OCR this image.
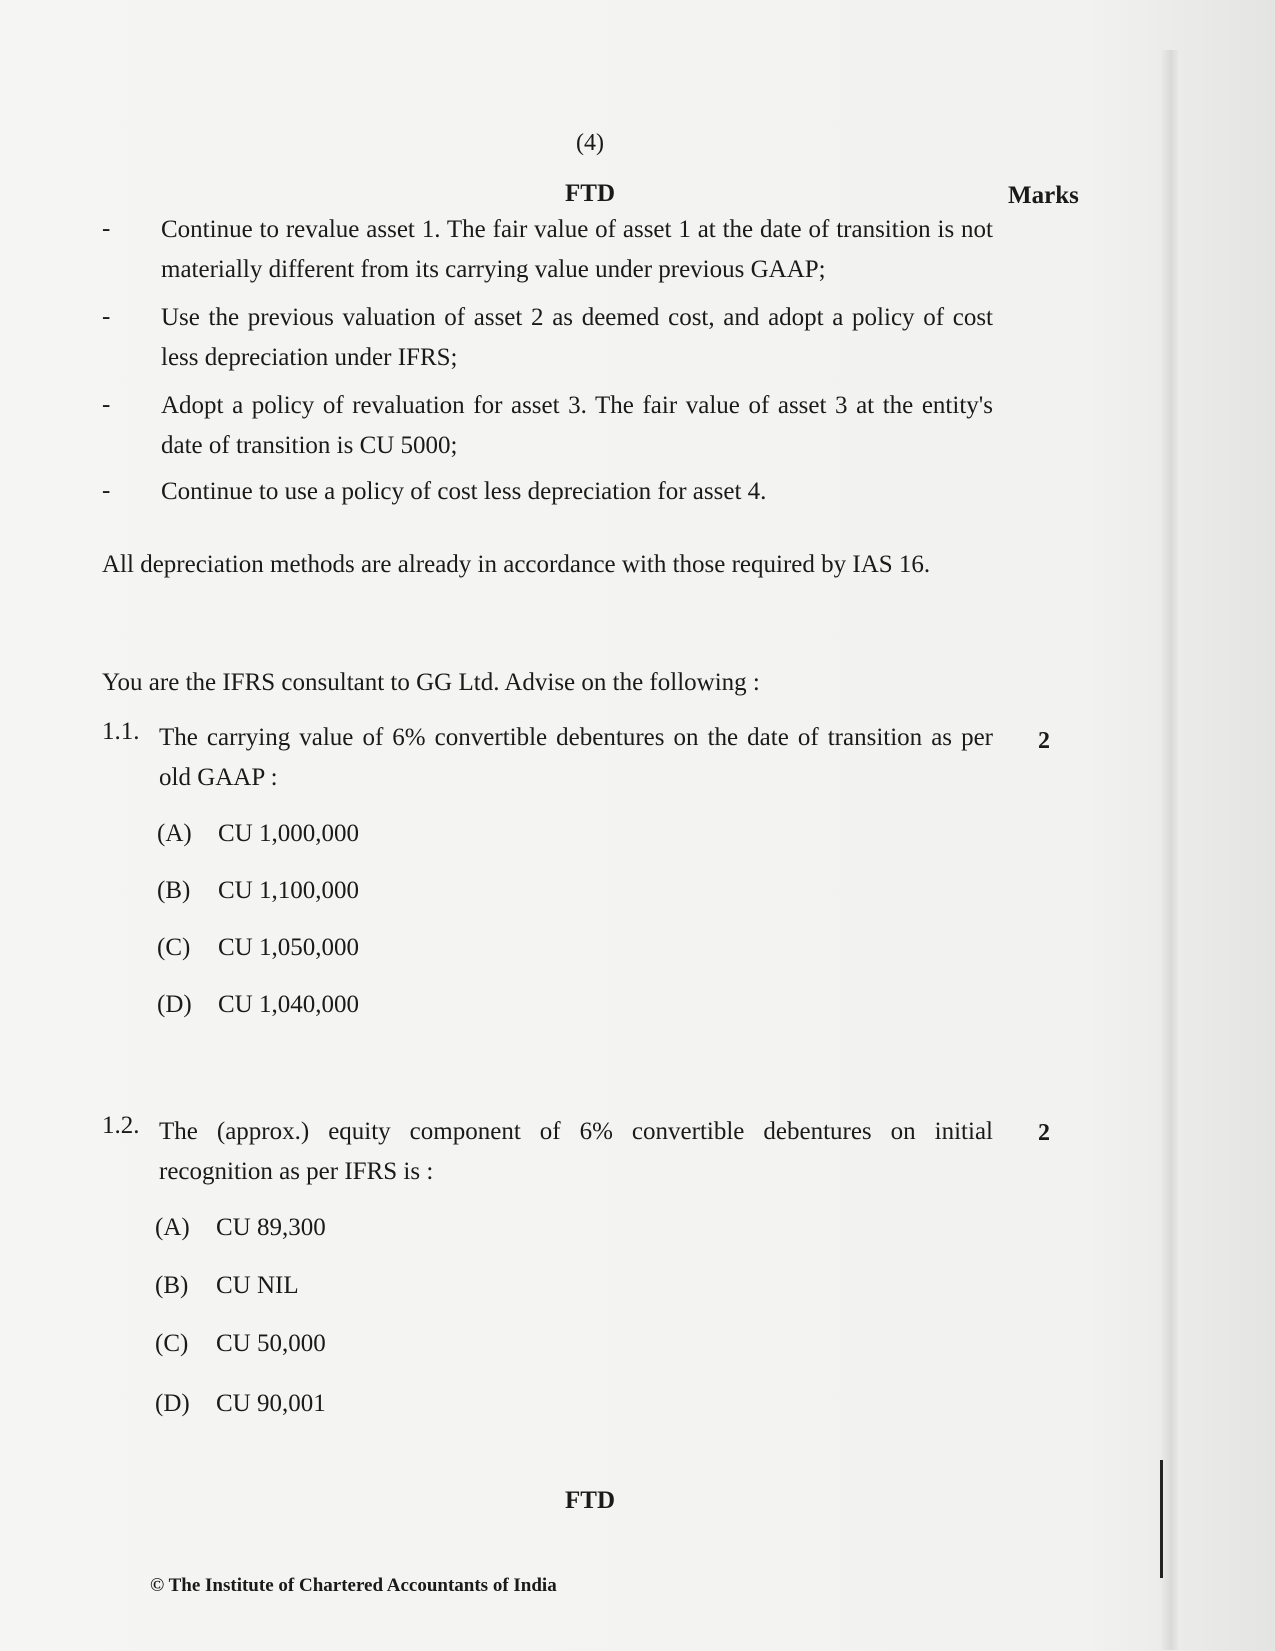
(4)
FTD	Marks
- Continue to revalue asset 1. The fair value of asset 1 at the date of transition is not materially different from its carrying value under previous GAAP;
- Use the previous valuation of asset 2 as deemed cost, and adopt a policy of cost less depreciation under IFRS;
- Adopt a policy of revaluation for asset 3. The fair value of asset 3 at the entity's date of transition is CU 5000;
- Continue to use a policy of cost less depreciation for asset 4.
All depreciation methods are already in accordance with those required by IAS 16.
You are the IFRS consultant to GG Ltd. Advise on the following :
1.1. The carrying value of 6% convertible debentures on the date of transition as per old GAAP :
2
(A) CU 1,000,000
(B) CU 1,100,000
(C) CU 1,050,000
(D) CU 1,040,000
1.2. The (approx.) equity component of 6% convertible debentures on initial recognition as per IFRS is :
2
(A) CU 89,300
(B) CU NIL
(C) CU 50,000
(D) CU 90,001
FTD
© The Institute of Chartered Accountants of India
